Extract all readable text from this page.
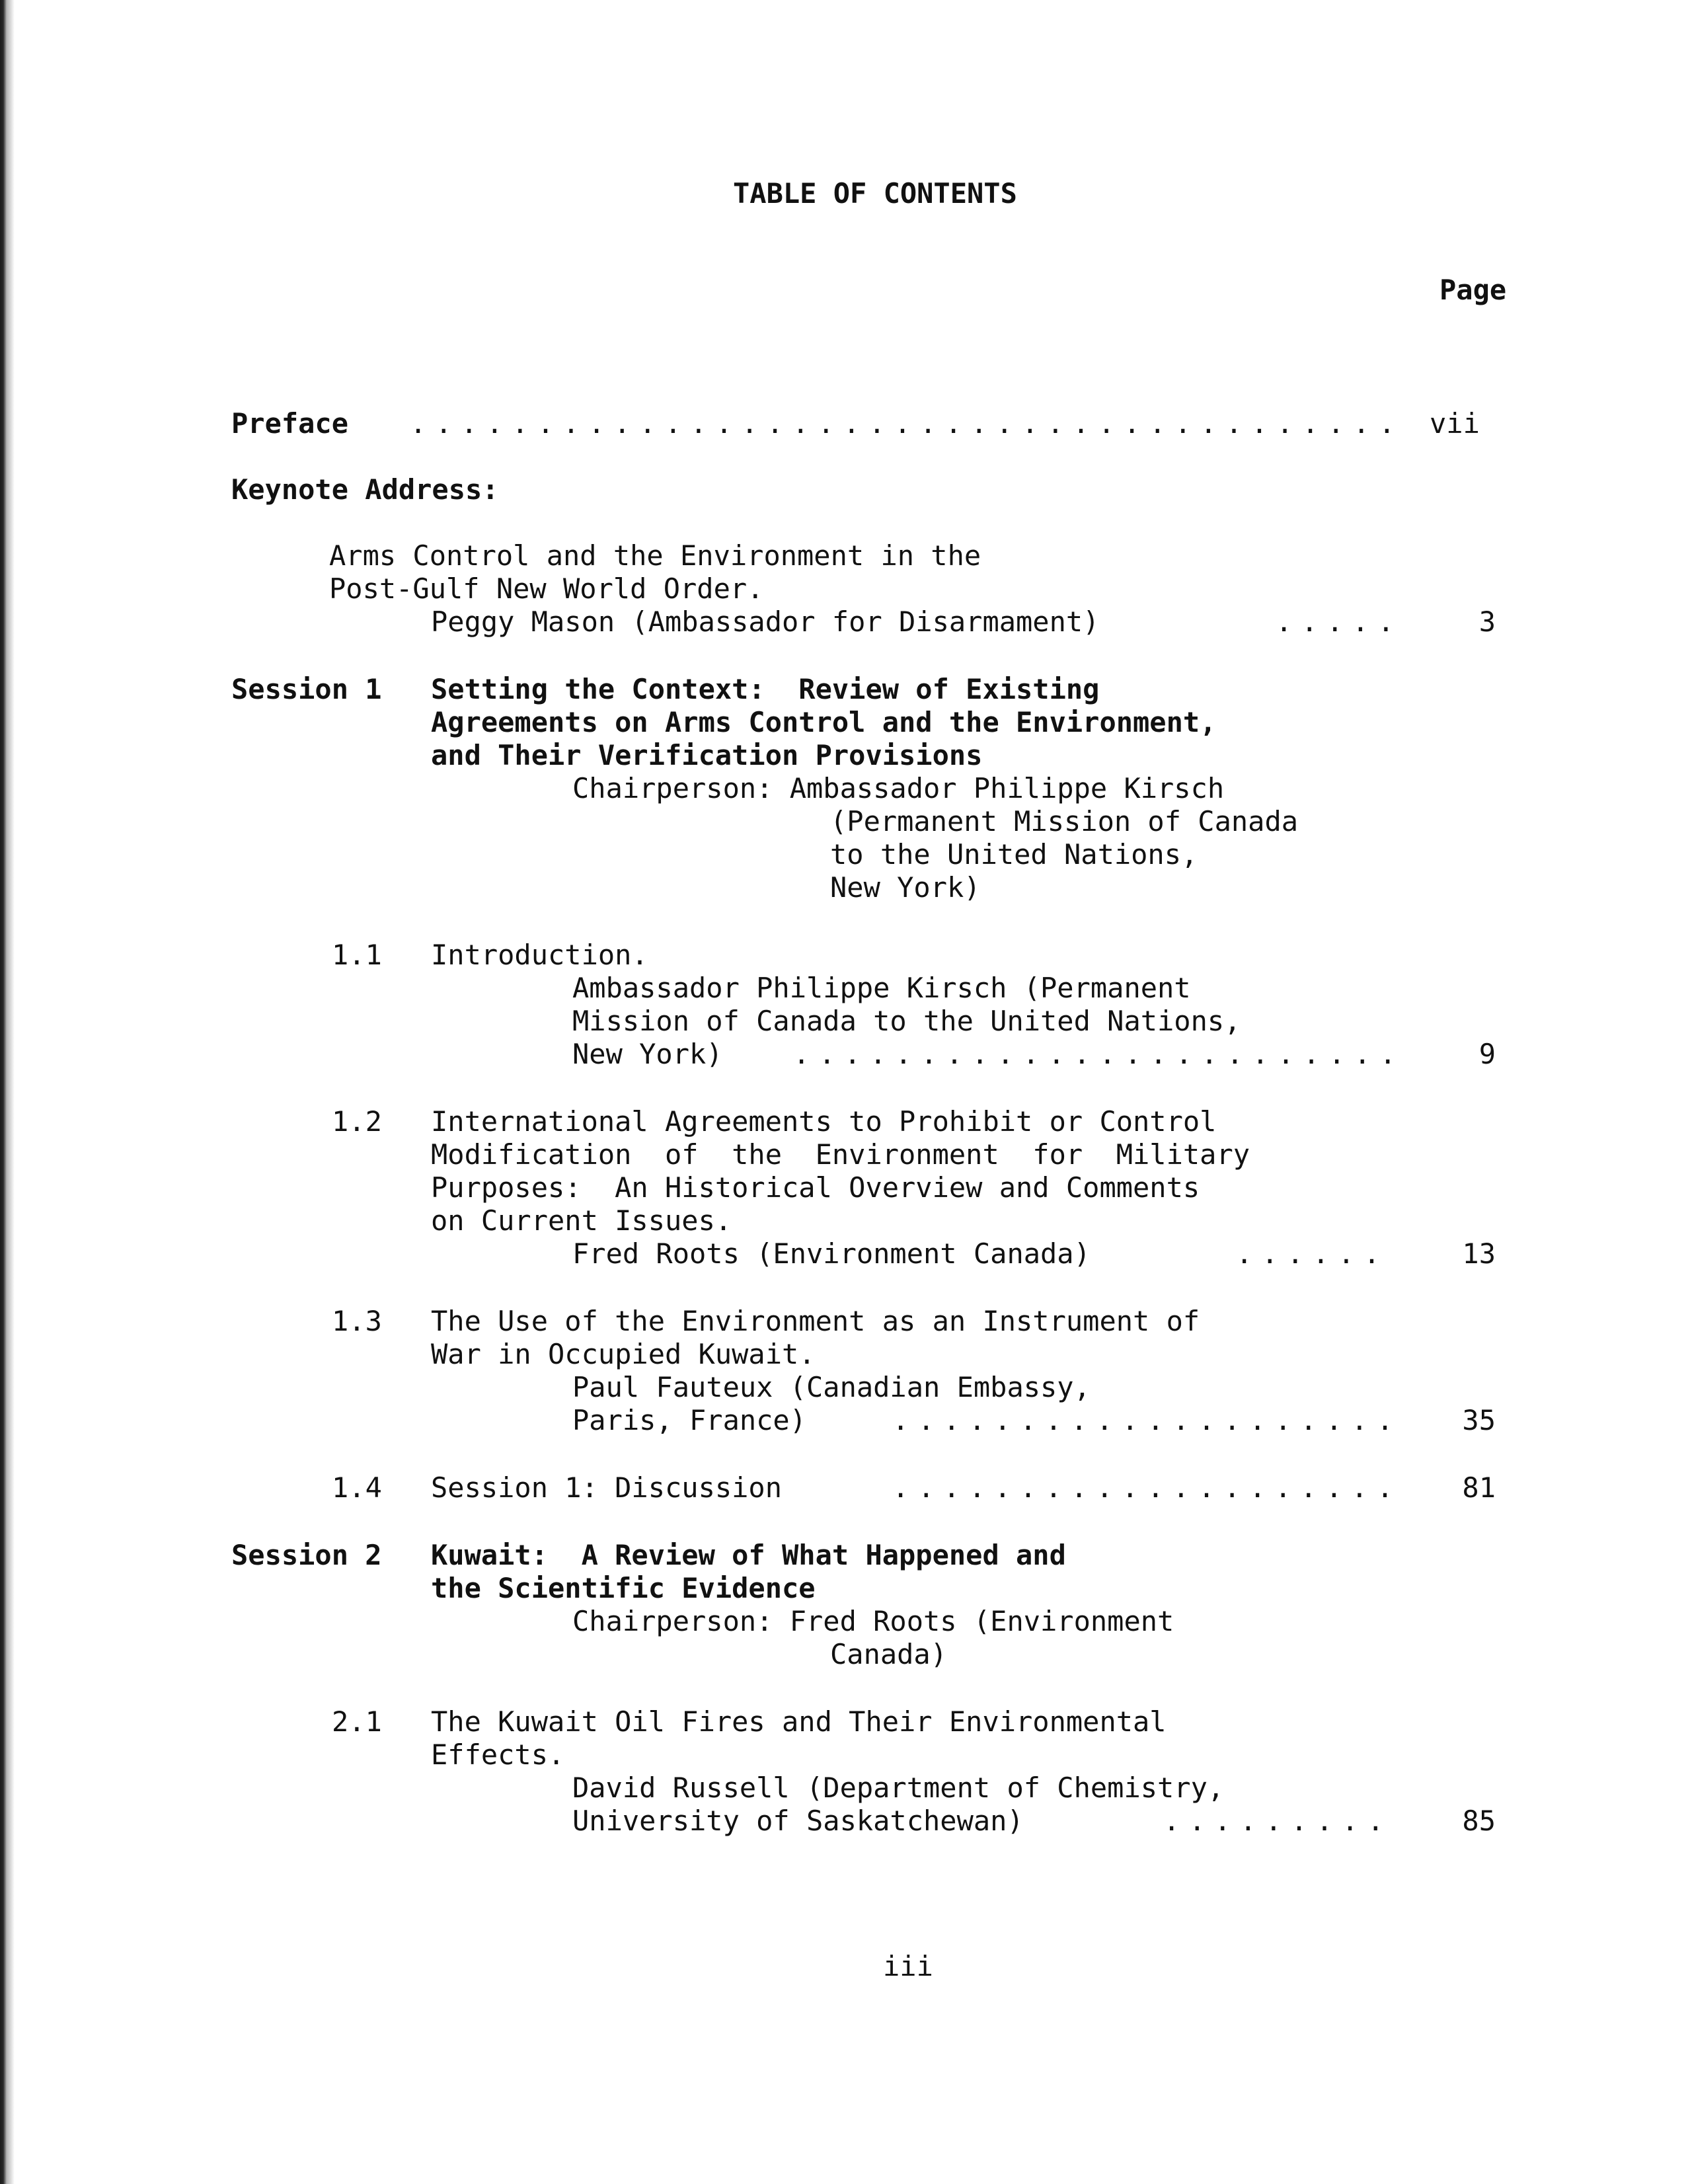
TABLE OF CONTENTS
Page
Preface . . .	vii
Keynote Address:
Arms Control and the Environment in the
Post-Gulf New World Order.
Peggy Mason (Ambassador for Disarmament) . . .	3
Session 1 Setting the Context:  Review of Existing
Agreements on Arms Control and the Environment,
and Their Verification Provisions
Chairperson: Ambassador Philippe Kirsch
(Permanent Mission of Canada
to the United Nations,
New York)
1.1 Introduction.
Ambassador Philippe Kirsch (Permanent
Mission of Canada to the United Nations,
New York) . . .	9
1.2 International Agreements to Prohibit or Control
Modification  of  the  Environment  for  Military
Purposes:  An Historical Overview and Comments
on Current Issues.
Fred Roots (Environment Canada) . . .	13
1.3 The Use of the Environment as an Instrument of
War in Occupied Kuwait.
Paul Fauteux (Canadian Embassy,
Paris, France) . . .	35
1.4 Session 1: Discussion . . .	81
Session 2 Kuwait:  A Review of What Happened and
the Scientific Evidence
Chairperson: Fred Roots (Environment
Canada)
2.1 The Kuwait Oil Fires and Their Environmental
Effects.
David Russell (Department of Chemistry,
University of Saskatchewan) . . .	85
iii
